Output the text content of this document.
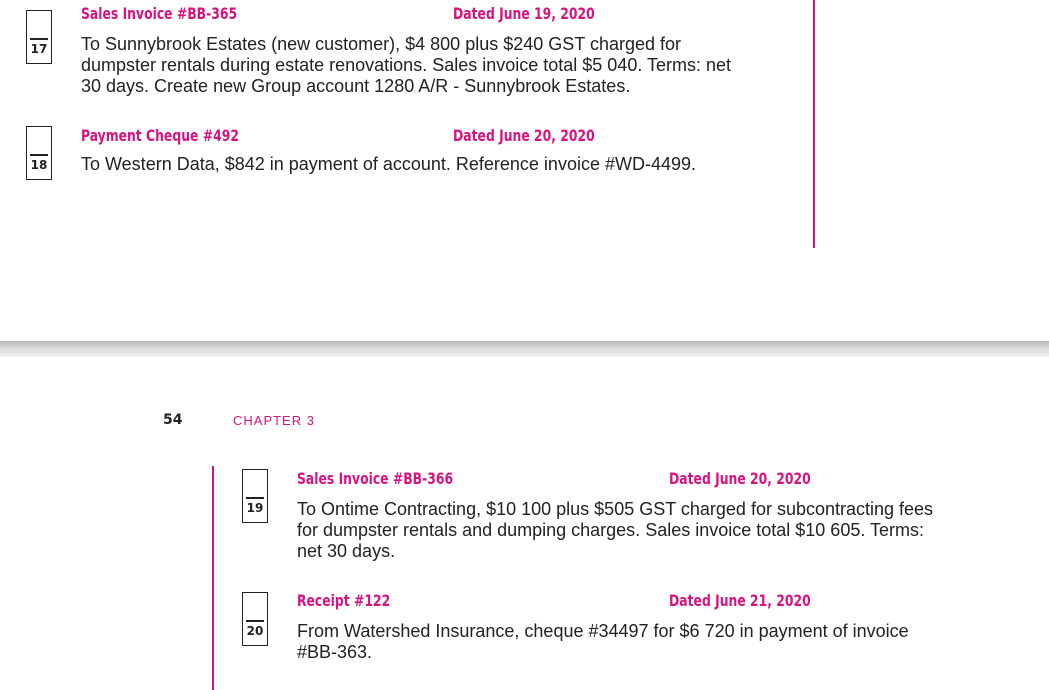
17
Sales Invoice #BB-365	Dated June 19, 2020
To Sunnybrook Estates (new customer), $4 800 plus $240 GST charged for
dumpster rentals during estate renovations. Sales invoice total $5 040. Terms: net
30 days. Create new Group account 1280 A/R - Sunnybrook Estates.
18
Payment Cheque #492	Dated June 20, 2020
To Western Data, $842 in payment of account. Reference invoice #WD-4499.
54	CHAPTER 3
19
Sales Invoice #BB-366	Dated June 20, 2020
To Ontime Contracting, $10 100 plus $505 GST charged for subcontracting fees
for dumpster rentals and dumping charges. Sales invoice total $10 605. Terms:
net 30 days.
20
Receipt #122	Dated June 21, 2020
From Watershed Insurance, cheque #34497 for $6 720 in payment of invoice
#BB-363.
